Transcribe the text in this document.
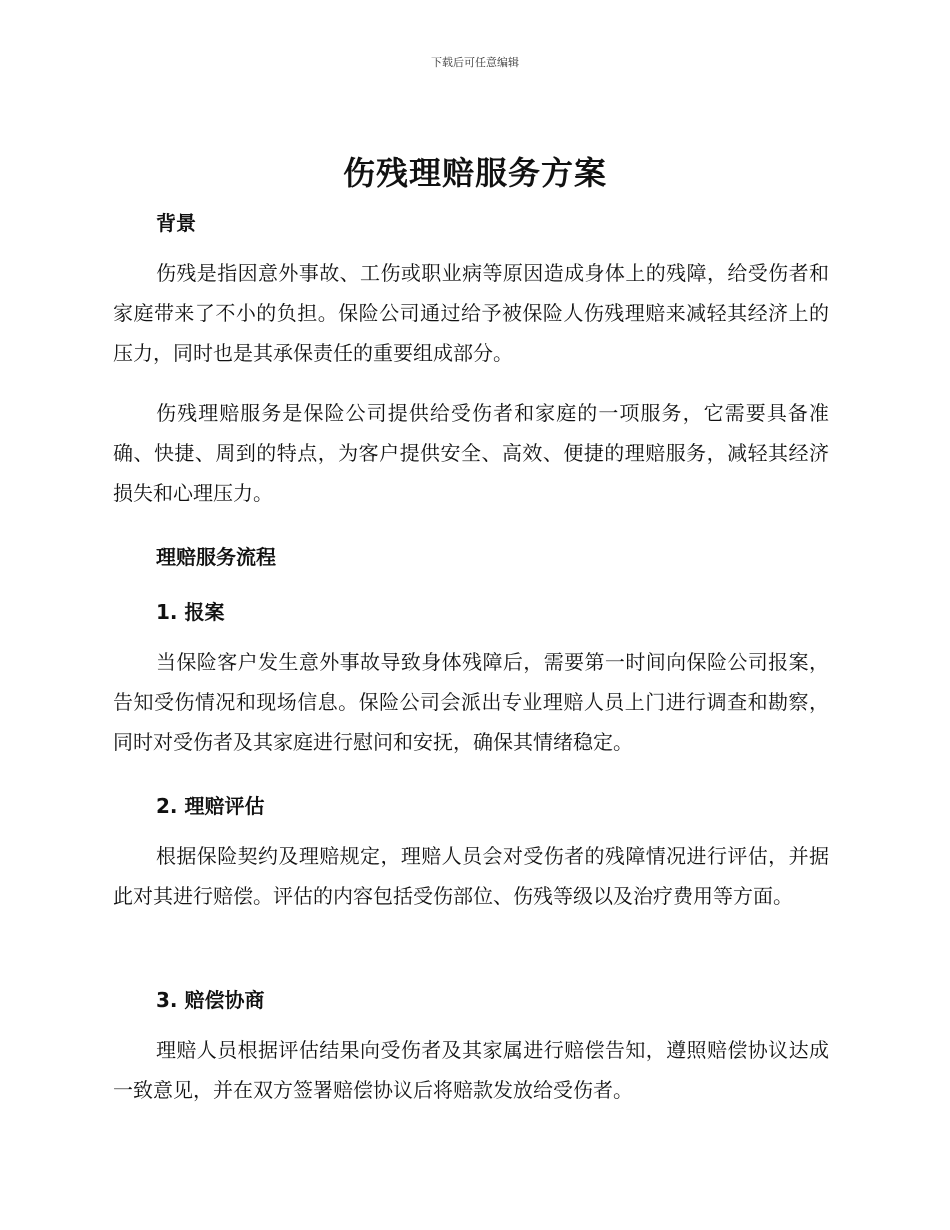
下载后可任意编辑
伤残理赔服务方案
背景

伤残是指因意外事故、工伤或职业病等原因造成身体上的残障，给受伤者和家庭带来了不小的负担。保险公司通过给予被保险人伤残理赔来减轻其经济上的压力，同时也是其承保责任的重要组成部分。

伤残理赔服务是保险公司提供给受伤者和家庭的一项服务，它需要具备准确、快捷、周到的特点，为客户提供安全、高效、便捷的理赔服务，减轻其经济损失和心理压力。

理赔服务流程
1. 报案

当保险客户发生意外事故导致身体残障后，需要第一时间向保险公司报案，告知受伤情况和现场信息。保险公司会派出专业理赔人员上门进行调查和勘察，同时对受伤者及其家庭进行慰问和安抚，确保其情绪稳定。

2. 理赔评估

根据保险契约及理赔规定，理赔人员会对受伤者的残障情况进行评估，并据此对其进行赔偿。评估的内容包括受伤部位、伤残等级以及治疗费用等方面。

3. 赔偿协商

理赔人员根据评估结果向受伤者及其家属进行赔偿告知，遵照赔偿协议达成一致意见，并在双方签署赔偿协议后将赔款发放给受伤者。
